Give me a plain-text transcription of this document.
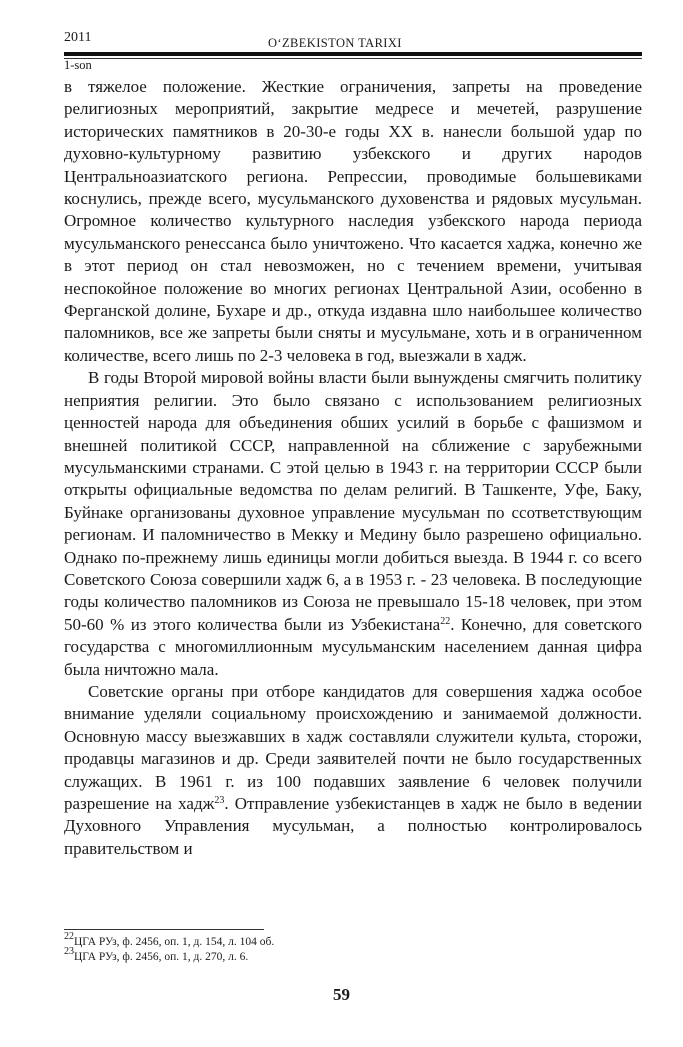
2011	O‘ZBEKISTON TARIXI
1-son

в тяжелое положение. Жесткие ограничения, запреты на проведение религиозных мероприятий, закрытие медресе и мечетей, разрушение исторических памятников в 20-30-е годы XX в. нанесли большой удар по духовно-культурному развитию узбекского и других народов Центральноазиатского региона. Репрессии, проводимые большевиками коснулись, прежде всего, мусульманского духовенства и рядовых мусульман. Огромное количество культурного наследия узбекского народа периода мусульманского ренессанса было уничтожено. Что касается хаджа, конечно же в этот период он стал невозможен, но с течением времени, учитывая неспокойное положение во многих регионах Центральной Азии, особенно в Ферганской долине, Бухаре и др., откуда издавна шло наибольшее количество паломников, все же запреты были сняты и мусульмане, хоть и в ограниченном количестве, всего лишь по 2-3 человека в год, выезжали в хадж.

В годы Второй мировой войны власти были вынуждены смягчить политику неприятия религии. Это было связано с использованием религиозных ценностей народа для объединения обших усилий в борьбе с фашизмом и внешней политикой СССР, направленной на сближение с зарубежными мусульманскими странами. С этой целью в 1943 г. на территории СССР были открыты официальные ведомства по делам религий. В Ташкенте, Уфе, Баку, Буйнаке организованы духовное управление мусульман по ссответствующим регионам. И паломничество в Мекку и Медину было разрешено официально. Однако по-прежнему лишь единицы могли добиться выезда. В 1944 г. со всего Советского Союза совершили хадж 6, а в 1953 г. - 23 человека. В последующие годы количество паломников из Союза не превышало 15-18 человек, при этом 50-60 % из этого количества были из Узбекистана$^{22}$. Конечно, для советского государства с многомиллионным мусульманским населением данная цифра была ничтожно мала.

Советские органы при отборе кандидатов для совершения хаджа особое внимание уделяли социальному происхождению и занимаемой должности. Основную массу выезжавших в хадж составляли служители культа, сторожи, продавцы магазинов и др. Среди заявителей почти не было государственных служащих. В 1961 г. из 100 подавших заявление 6 человек получили разрешение на хадж$^{23}$. Отправление узбекистанцев в хадж не было в ведении Духовного Управления мусульман, а полностью контролировалось правительством и

$^{22}$ЦГА РУз, ф. 2456, оп. 1, д. 154, л. 104 об.
$^{23}$ЦГА РУз, ф. 2456, оп. 1, д. 270, л. 6.
59
